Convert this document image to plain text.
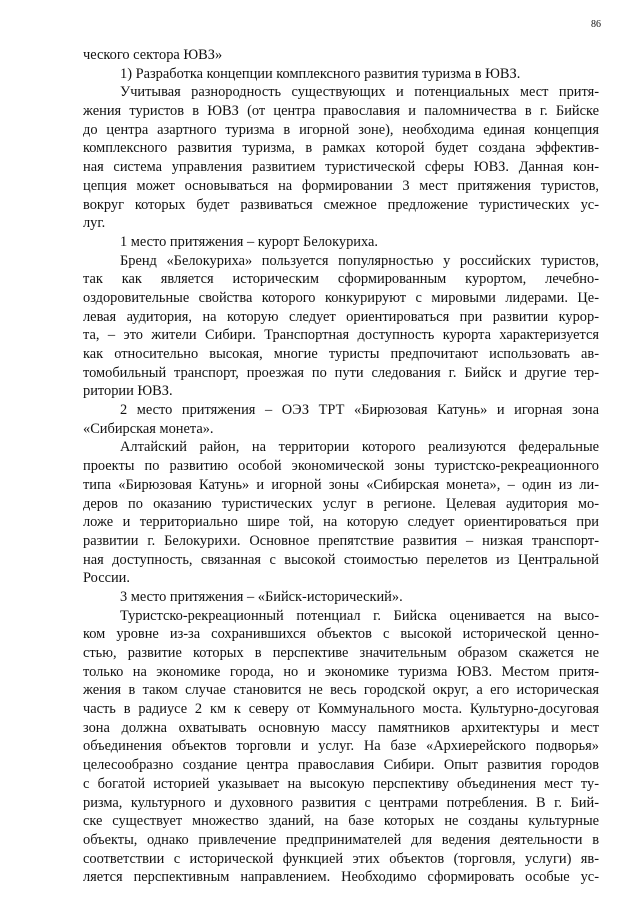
86
ческого сектора ЮВЗ»
1) Разработка концепции комплексного развития туризма в ЮВЗ.
Учитывая разнородность существующих и потенциальных мест притя-
жения туристов в ЮВЗ (от центра православия и паломничества в г. Бийске
до центра азартного туризма в игорной зоне), необходима единая концепция
комплексного развития туризма, в рамках которой будет создана эффектив-
ная система управления развитием туристической сферы ЮВЗ. Данная кон-
цепция может основываться на формировании 3 мест притяжения туристов,
вокруг которых будет развиваться смежное предложение туристических ус-
луг.
1 место притяжения – курорт Белокуриха.
Бренд «Белокуриха» пользуется популярностью у российских туристов,
так как является историческим сформированным курортом, лечебно-
оздоровительные свойства которого конкурируют с мировыми лидерами. Це-
левая аудитория, на которую следует ориентироваться при развитии курор-
та, – это жители Сибири. Транспортная доступность курорта характеризуется
как относительно высокая, многие туристы предпочитают использовать ав-
томобильный транспорт, проезжая по пути следования г. Бийск и другие тер-
ритории ЮВЗ.
2 место притяжения – ОЭЗ ТРТ «Бирюзовая Катунь» и игорная зона
«Сибирская монета».
Алтайский район, на территории которого реализуются федеральные
проекты по развитию особой экономической зоны туристско-рекреационного
типа «Бирюзовая Катунь» и игорной зоны «Сибирская монета», – один из ли-
деров по оказанию туристических услуг в регионе. Целевая аудитория мо-
ложе и территориально шире той, на которую следует ориентироваться при
развитии г. Белокурихи. Основное препятствие развития – низкая транспорт-
ная доступность, связанная с высокой стоимостью перелетов из Центральной
России.
3 место притяжения – «Бийск-исторический».
Туристско-рекреационный потенциал г. Бийска оценивается на высо-
ком уровне из-за сохранившихся объектов с высокой исторической ценно-
стью, развитие которых в перспективе значительным образом скажется не
только на экономике города, но и экономике туризма ЮВЗ. Местом притя-
жения в таком случае становится не весь городской округ, а его историческая
часть в радиусе 2 км к северу от Коммунального моста. Культурно-досуговая
зона должна охватывать основную массу памятников архитектуры и мест
объединения объектов торговли и услуг. На базе «Архиерейского подворья»
целесообразно создание центра православия Сибири. Опыт развития городов
с богатой историей указывает на высокую перспективу объединения мест ту-
ризма, культурного и духовного развития с центрами потребления. В г. Бий-
ске существует множество зданий, на базе которых не созданы культурные
объекты, однако привлечение предпринимателей для ведения деятельности в
соответствии с исторической функцией этих объектов (торговля, услуги) яв-
ляется перспективным направлением. Необходимо сформировать особые ус-
